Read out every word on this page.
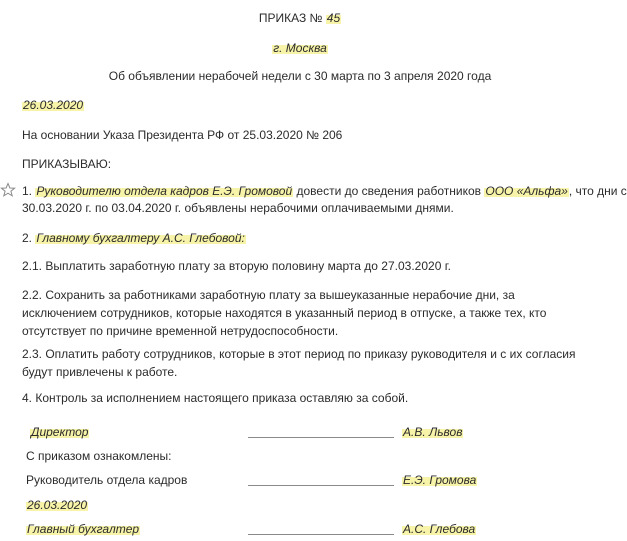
ПРИКАЗ № 45
г. Москва
Об объявлении нерабочей недели с 30 марта по 3 апреля 2020 года
26.03.2020
На основании Указа Президента РФ от 25.03.2020 № 206
ПРИКАЗЫВАЮ:
1. Руководителю отдела кадров Е.Э. Громовой довести до сведения работников ООО «Альфа», что дни с
30.03.2020 г. по 03.04.2020 г. объявлены нерабочими оплачиваемыми днями.
2. Главному бухгалтеру А.С. Глебовой:
2.1. Выплатить заработную плату за вторую половину марта до 27.03.2020 г.
2.2. Сохранить за работниками заработную плату за вышеуказанные нерабочие дни, за исключением сотрудников, которые находятся в указанный период в отпуске, а также тех, кто отсутствует по причине временной нетрудоспособности.
2.3. Оплатить работу сотрудников, которые в этот период по приказу руководителя и с их согласия будут привлечены к работе.
4. Контроль за исполнением настоящего приказа оставляю за собой.
Директор	А.В. Львов
С приказом ознакомлены:
Руководитель отдела кадров	Е.Э. Громова
26.03.2020
Главный бухгалтер	А.С. Глебова
